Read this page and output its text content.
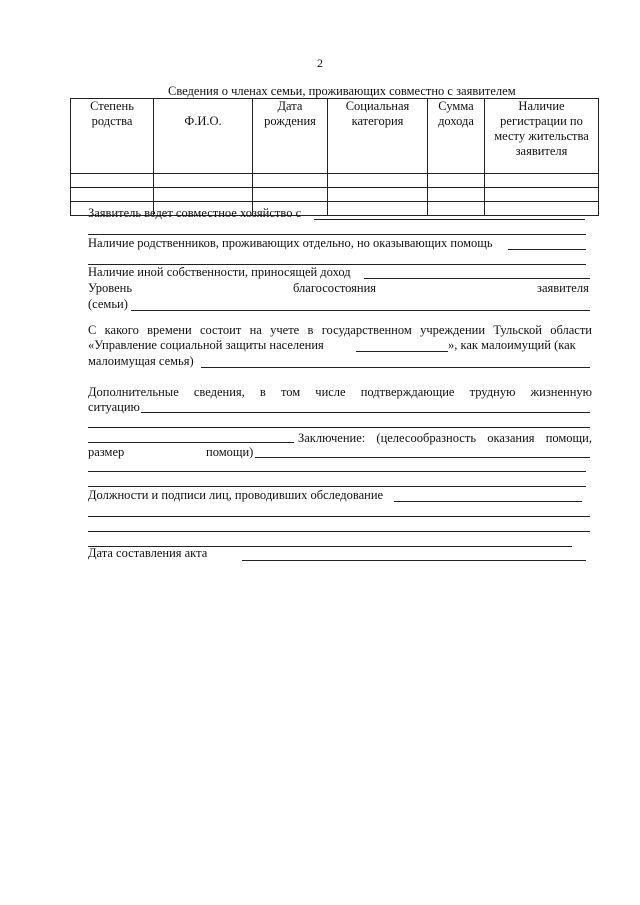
2
Сведения о членах семьи, проживающих совместно с заявителем
Степень родства	Ф.И.О.	Дата рождения	Социальная категория	Сумма дохода	Наличие регистрации по месту жительства заявителя

Заявитель ведет совместное хозяйство с
Наличие родственников, проживающих отдельно, но оказывающих помощь
Наличие иной собственности, приносящей доход
Уровень	благосостояния	заявителя
(семьи)
С какого времени состоит на учете в государственном учреждении Тульской области
«Управление социальной защиты населения	», как малоимущий (как
малоимущая семья)
Дополнительные сведения, в том числе подтверждающие трудную жизненную
ситуацию
Заключение: (целесообразность оказания помощи,
размер	помощи)
Должности и подписи лиц, проводивших обследование
Дата составления акта
